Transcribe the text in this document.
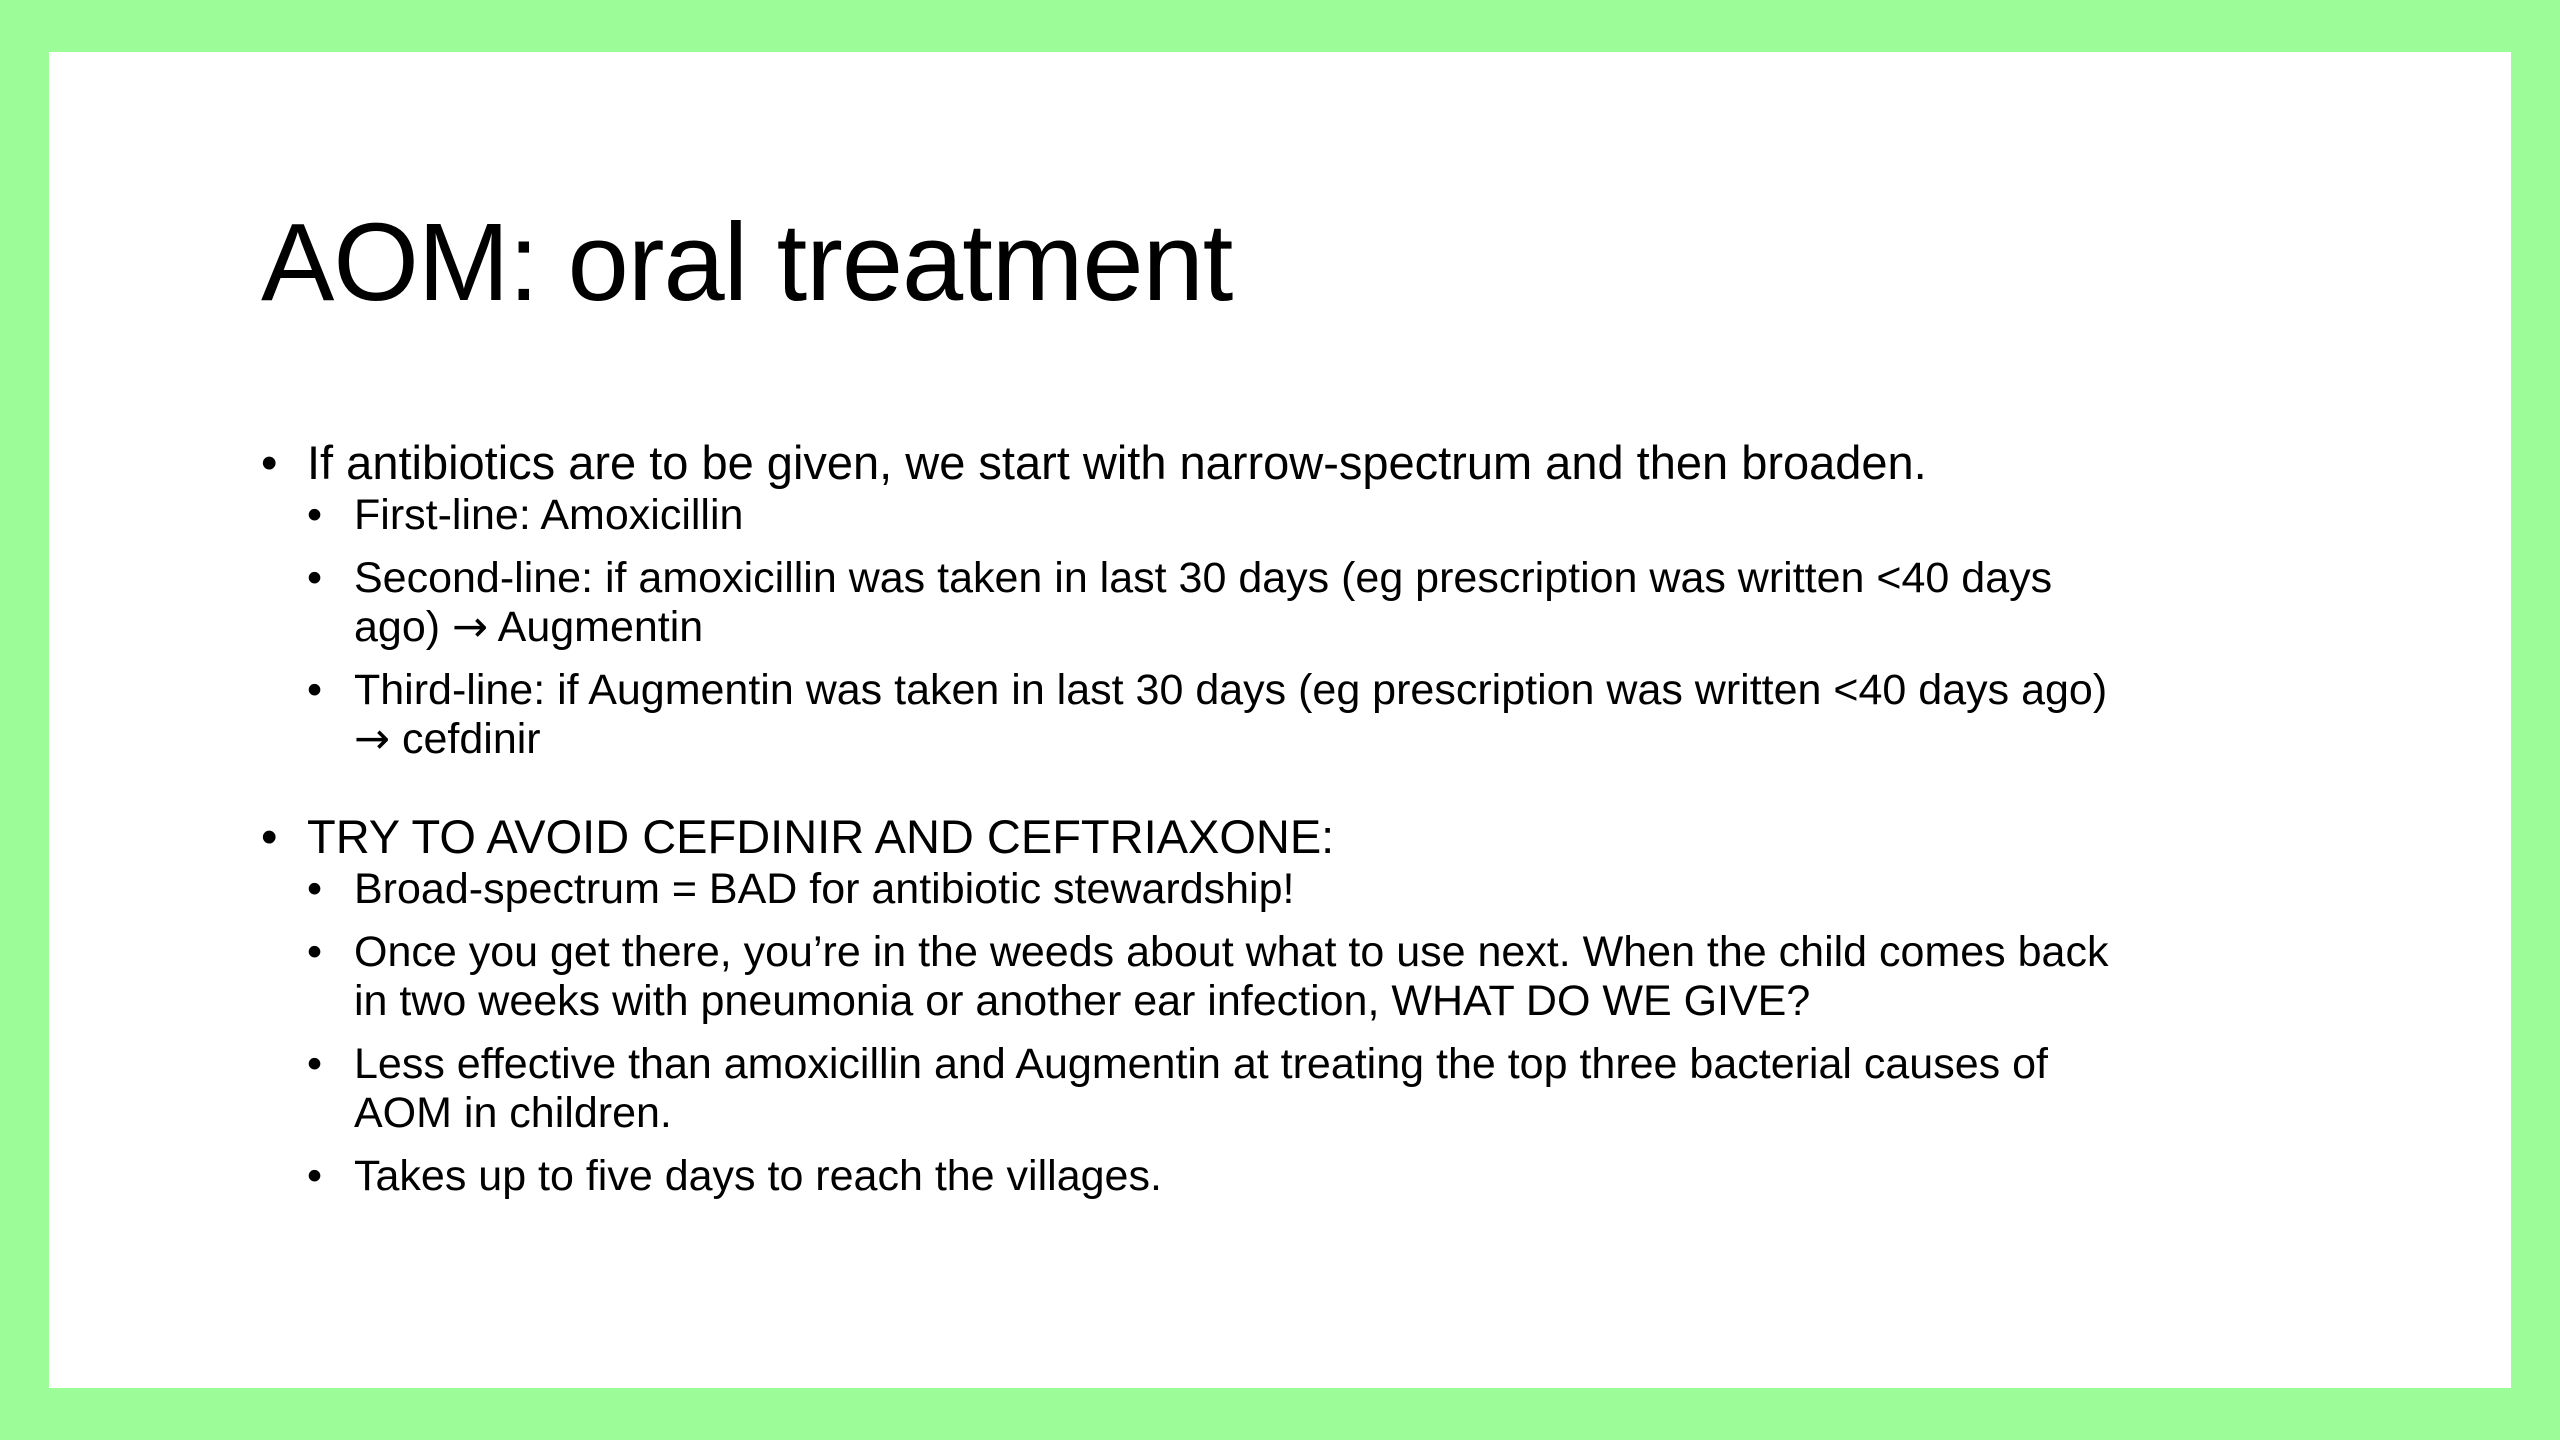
AOM: oral treatment
• If antibiotics are to be given, we start with narrow-spectrum and then broaden.
• First-line: Amoxicillin
• Second-line: if amoxicillin was taken in last 30 days (eg prescription was written <40 days
ago) → Augmentin
• Third-line: if Augmentin was taken in last 30 days (eg prescription was written <40 days ago)
→ cefdinir
• TRY TO AVOID CEFDINIR AND CEFTRIAXONE:
• Broad-spectrum = BAD for antibiotic stewardship!
• Once you get there, you’re in the weeds about what to use next. When the child comes back
in two weeks with pneumonia or another ear infection, WHAT DO WE GIVE?
• Less effective than amoxicillin and Augmentin at treating the top three bacterial causes of
AOM in children.
• Takes up to five days to reach the villages.
